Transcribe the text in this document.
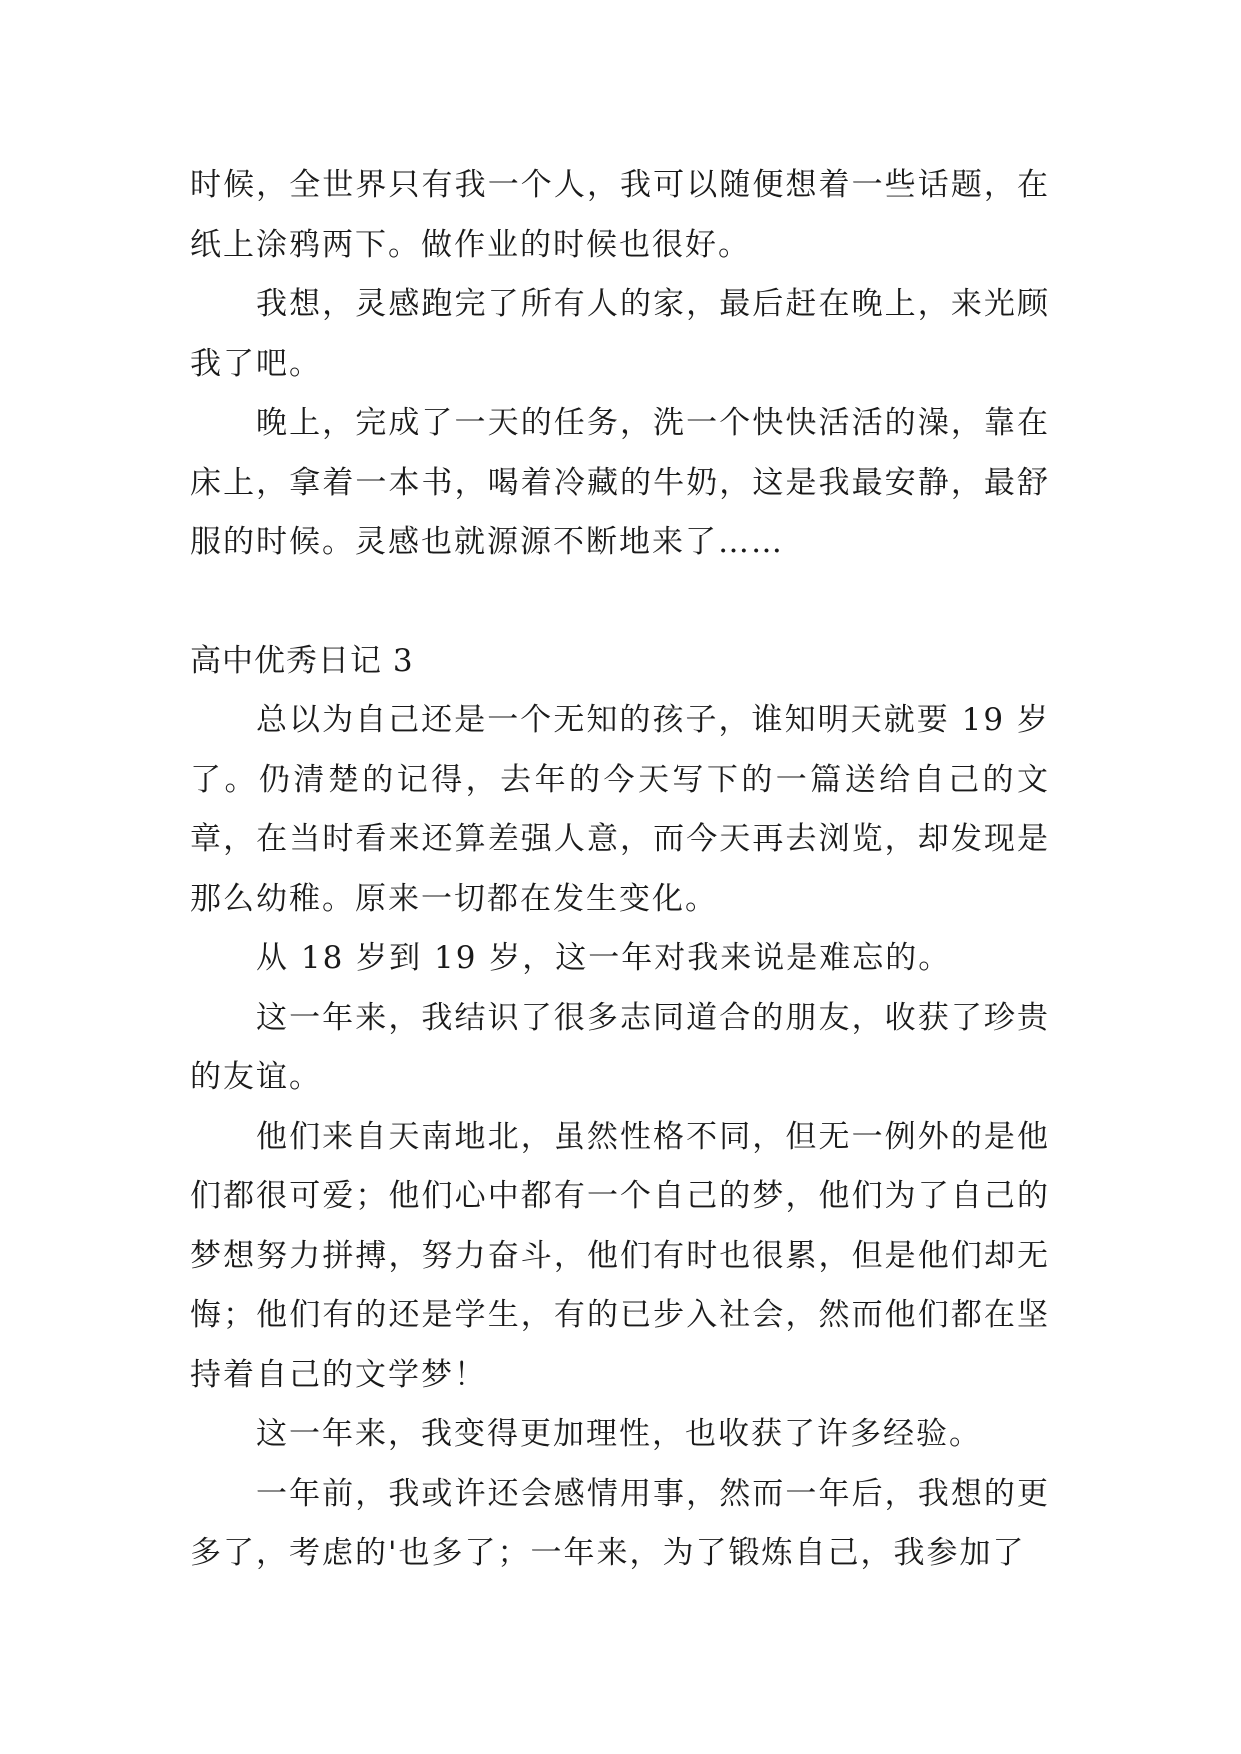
时候，全世界只有我一个人，我可以随便想着一些话题，在纸上涂鸦两下。做作业的时候也很好。

我想，灵感跑完了所有人的家，最后赶在晚上，来光顾我了吧。

晚上，完成了一天的任务，洗一个快快活活的澡，靠在床上，拿着一本书，喝着冷藏的牛奶，这是我最安静，最舒服的时候。灵感也就源源不断地来了……

高中优秀日记 3

总以为自己还是一个无知的孩子，谁知明天就要 19 岁了。仍清楚的记得，去年的今天写下的一篇送给自己的文章，在当时看来还算差强人意，而今天再去浏览，却发现是那么幼稚。原来一切都在发生变化。

从 18 岁到 19 岁，这一年对我来说是难忘的。

这一年来，我结识了很多志同道合的朋友，收获了珍贵的友谊。

他们来自天南地北，虽然性格不同，但无一例外的是他们都很可爱；他们心中都有一个自己的梦，他们为了自己的梦想努力拼搏，努力奋斗，他们有时也很累，但是他们却无悔；他们有的还是学生，有的已步入社会，然而他们都在坚持着自己的文学梦！

这一年来，我变得更加理性，也收获了许多经验。

一年前，我或许还会感情用事，然而一年后，我想的更多了，考虑的'也多了；一年来，为了锻炼自己，我参加了
